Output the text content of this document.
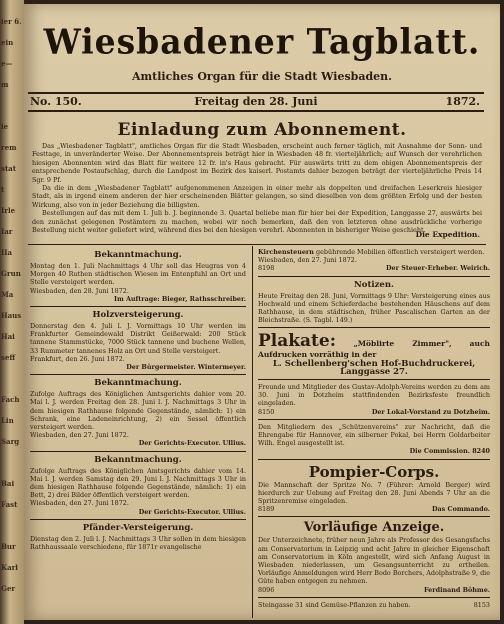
ier 6.
ein
e—
m
ie
rem
stat
t
Irle
Iar
IIa
Grun
Ma
Haus
Hai
seff
Fach
Lin
Sarg
Bai
Fast
Bur
Karl
Ger
Wiesbadener Tagblatt.
Amtliches Organ für die Stadt Wiesbaden.
No. 150.	Freitag den 28. Juni	1872.
Einladung zum Abonnement.

Das „Wiesbadener Tagblatt", amtliches Organ für die Stadt Wiesbaden, erscheint auch ferner täglich, mit Ausnahme der Sonn- und Festtage, in unveränderter Weise. Der Abonnementspreis beträgt hier in Wiesbaden 48 fr. vierteljährlich; auf Wunsch der verehrlichen hiesigen Abonnenten wird das Blatt für weitere 12 fr. in's Haus gebracht. Für auswärts tritt zu dem obigen Abonnementspreis der entsprechende Postaufschlag, durch die Landpost im Bezirk des kaiserl. Postamts dahier bezogen beträgt der vierteljährliche Preis 14 Sgr. 9 Pf.

Da die in dem „Wiesbadener Tagblatt" aufgenommenen Anzeigen in einer mehr als doppelten und dreifachen Leserkreis hiesiger Stadt, als in irgend einem anderen der hier erscheinenden Blätter gelangen, so sind dieselben von dem größten Erfolg und der besten Wirkung, also von in jeder Beziehung die billigsten.

Bestellungen auf das mit dem 1. Juli b. J. beginnende 3. Quartal beliebe man für hier bei der Expedition, Langgasse 27, auswärts bei den zunächst gelegenen Postämtern zu machen, wobei wir noch bemerken, daß den von letzteren ohne ausdrückliche vorherige Bestellung nicht weiter geliefert wird, während dies bei den hiesigen verehrl. Abonnenten in bisheriger Weise geschieht.

Die Expedition.
Bekanntmachung.
Montag den 1. Juli Nachmittags 4 Uhr soll das Heugras von 4 Morgen 40 Ruthen städtischen Wiesen im Entenpfuhl an Ort und Stelle versteigert werden.
Wiesbaden, den 28. Juni 1872.
Im Auftrage: Bieger, Rathsschreiber.
Holzversteigerung.
Donnerstag den 4. Juli l. J. Vormittags 10 Uhr werden im Frankfurter Gemeindewald Distrikt Geißerwald: 200 Stück tannene Stammstücke, 7000 Stück tannene und buchene Wellen, 33 Rummeter tannenes Holz an Ort und Stelle versteigert.
Frankfurt, den 26. Juni 1872.
Der Bürgermeister. Wintermeyer.
Bekanntmachung.
Zufolge Auftrags des Königlichen Amtsgerichts dahier vom 20. Mai l. J. werden Freitag den 28. Juni l. J. Nachmittags 3 Uhr in dem hiesigen Rathhause folgende Gegenstände, nämlich: 1) ein Schrank, eine Ladeneinrichtung, 2) ein Sessel öffentlich versteigert werden.
Wiesbaden, den 27. Juni 1872.
Der Gerichts-Executor. Ullius.
Bekanntmachung.
Zufolge Auftrags des Königlichen Amtsgerichts dahier vom 14. Mai l. J. werden Samstag den 29. Juni l. J. Nachmittags 3 Uhr in dem hiesigen Rathhause folgende Gegenstände, nämlich: 1) ein Bett, 2) drei Bilder öffentlich versteigert werden.
Wiesbaden, den 27. Juni 1872.
Der Gerichts-Executor. Ullius.
Pfänder-Versteigerung.
Dienstag den 2. Juli l. J. Nachmittags 3 Uhr sollen in dem hiesigen Rathhaussaale verschiedene, für 1871r evangelische
Kirchensteuern gebührende Mobilien öffentlich versteigert werden.
Wiesbaden, den 27. Juni 1872.
8198	Der Steuer-Erheber. Weirich.
Notizen.
Heute Freitag den 28. Juni, Vormittags 9 Uhr: Versteigerung eines aus Hochwald und einem Schieferdache bestehenden Häuschens auf dem Rathhause, in dem städtischen, früher Pascalischen Garten an der Bleichstraße. (S. Tagbl. 149.)
Plakate: „Möblirte Zimmer", auch Aufdrucken vorräthig in der
L. Schellenberg'schen Hof-Buchdruckerei,
Langgasse 27.
Freunde und Mitglieder des Gustav-Adolph-Vereins werden zu dem am 30. Juni in Dotzheim stattfindenden Bezirksfeste freundlich eingeladen.
8150	Der Lokal-Vorstand zu Dotzheim.
Den Mitgliedern des „Schützenvereins" zur Nachricht, daß die Ehrengabe für Hannover, ein silberner Pokal, bei Herrn Goldarbeiter Wilh. Engel ausgestellt ist.
Die Commission. 8240
Pompier-Corps.
Die Mannschaft der Spritze No. 7 (Führer: Arnold Berger) wird hierdurch zur Uebung auf Freitag den 28. Juni Abends 7 Uhr an die Spritzenremise eingeladen.
8189	Das Commando.
Vorläufige Anzeige.
Der Unterzeichnete, früher neun Jahre als Professor des Gesangsfachs am Conservatorium in Leipzig und acht Jahre in gleicher Eigenschaft am Conservatorium in Köln angestellt, wird sich Anfang August in Wiesbaden niederlassen, um Gesangsunterricht zu ertheilen. Vorläufige Anmeldungen wird Herr Bodo Borchers, Adolphstraße 9, die Güte haben entgegen zu nehmen.
8096	Ferdinand Böhme.
Steingasse 31 sind Gemüse-Pflanzen zu haben.	8153
